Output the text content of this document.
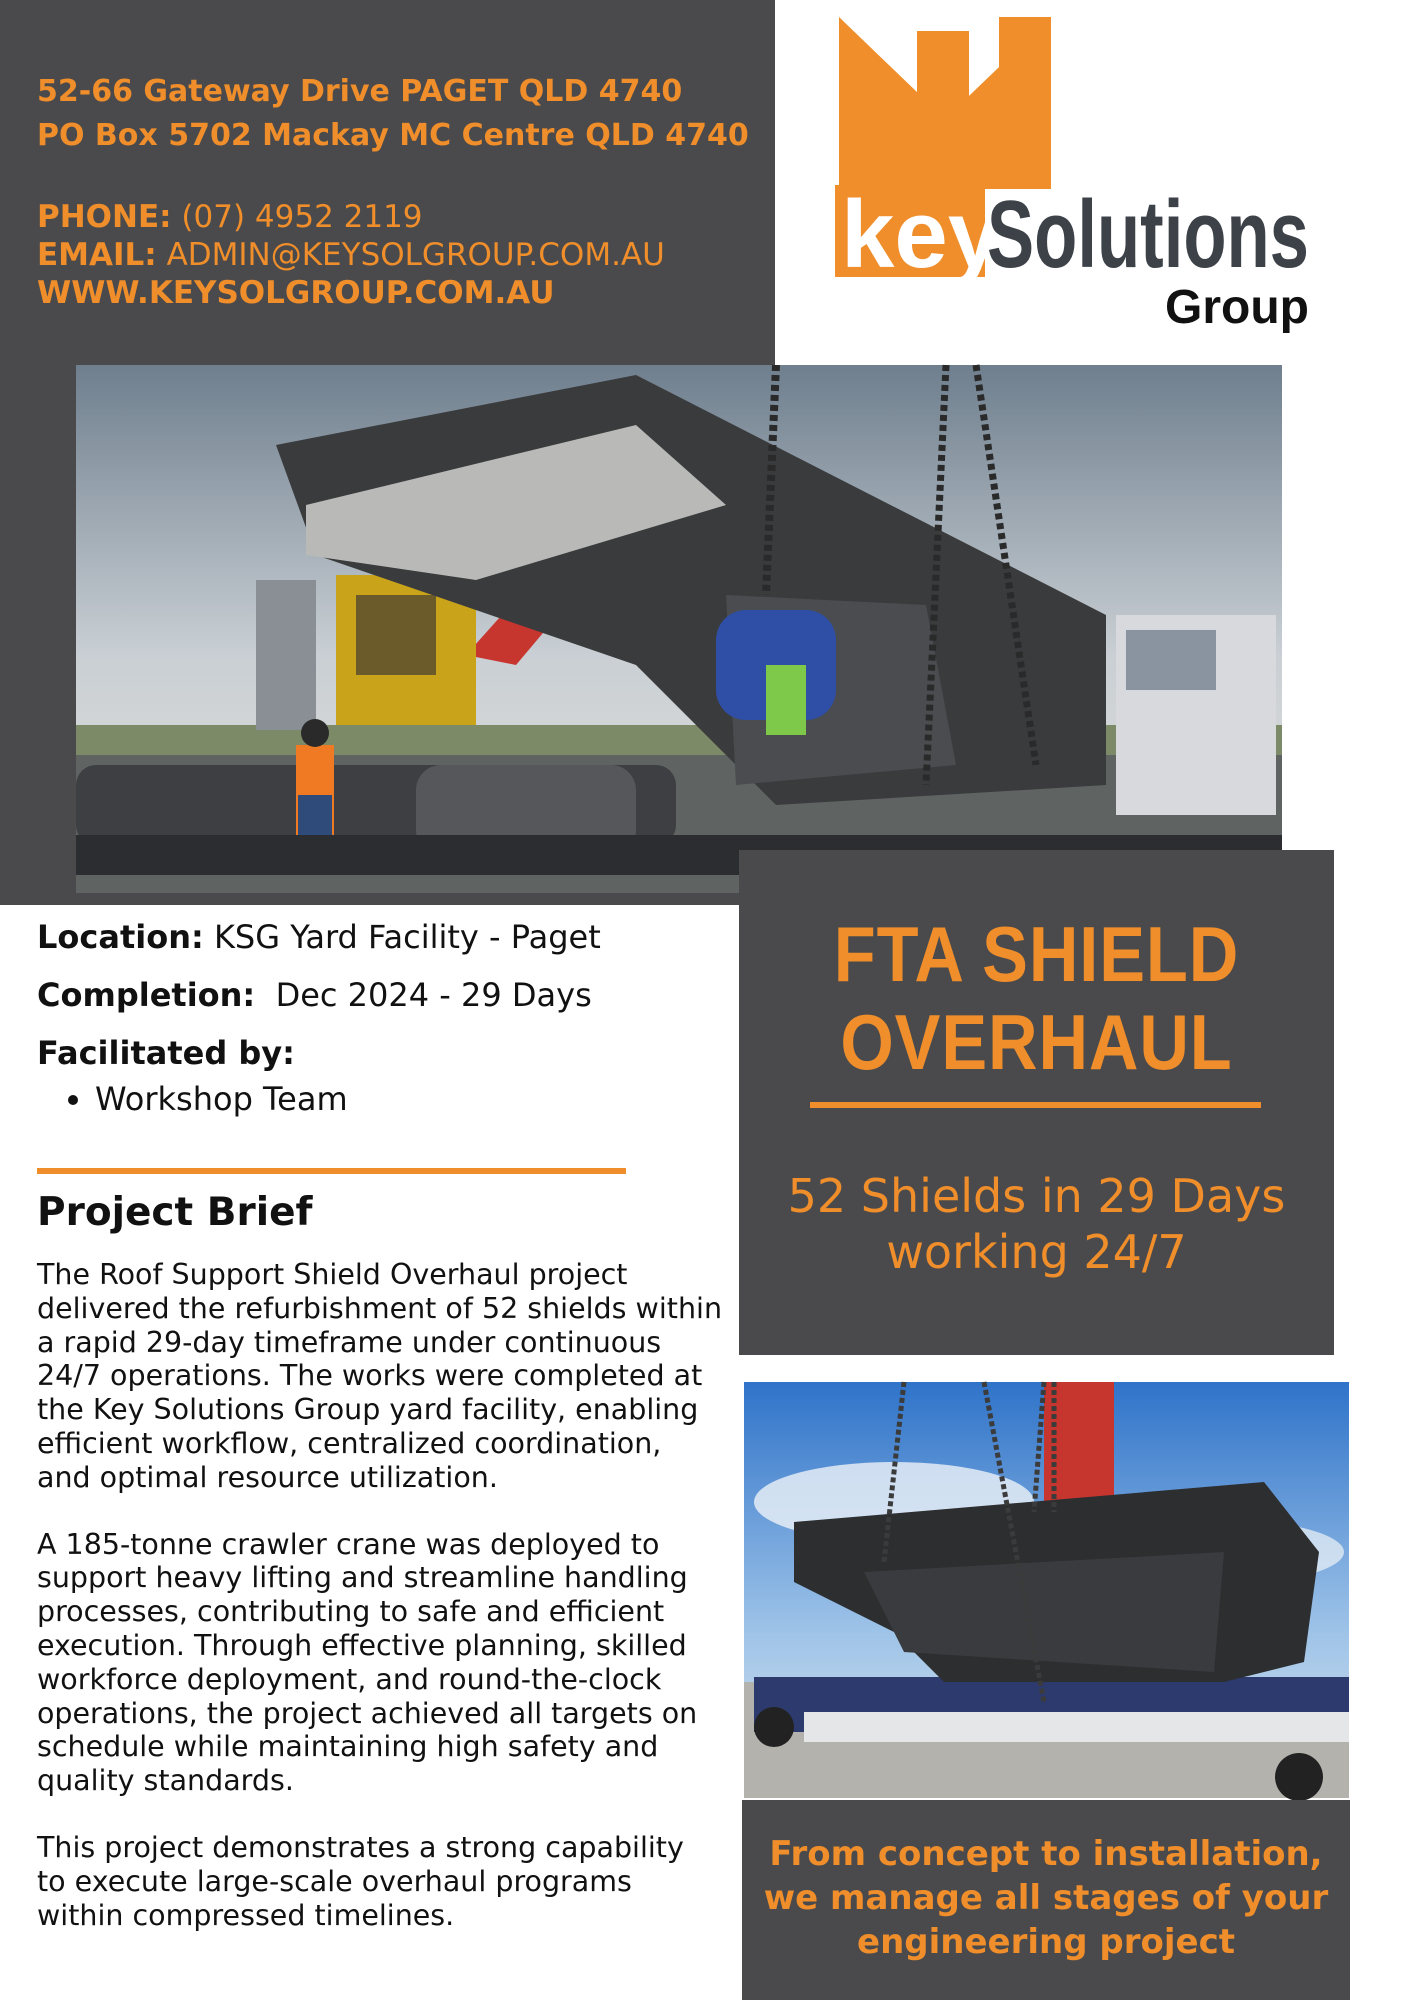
52-66 Gateway Drive PAGET QLD 4740
PO Box 5702 Mackay MC Centre QLD 4740
PHONE: (07) 4952 2119
EMAIL: ADMIN@KEYSOLGROUP.COM.AU
WWW.KEYSOLGROUP.COM.AU
key
Solutions
Group
FTA SHIELD
OVERHAUL
52 Shields in 29 Days
working 24/7
Location: KSG Yard Facility - Paget
Completion: Dec 2024 - 29 Days
Facilitated by:
• Workshop Team
Project Brief

The Roof Support Shield Overhaul project
delivered the refurbishment of 52 shields within
a rapid 29-day timeframe under continuous
24/7 operations. The works were completed at
the Key Solutions Group yard facility, enabling
efficient workflow, centralized coordination,
and optimal resource utilization.

A 185-tonne crawler crane was deployed to
support heavy lifting and streamline handling
processes, contributing to safe and efficient
execution. Through effective planning, skilled
workforce deployment, and round-the-clock
operations, the project achieved all targets on
schedule while maintaining high safety and
quality standards.

This project demonstrates a strong capability
to execute large-scale overhaul programs
within compressed timelines.

From concept to installation,
we manage all stages of your
engineering project
